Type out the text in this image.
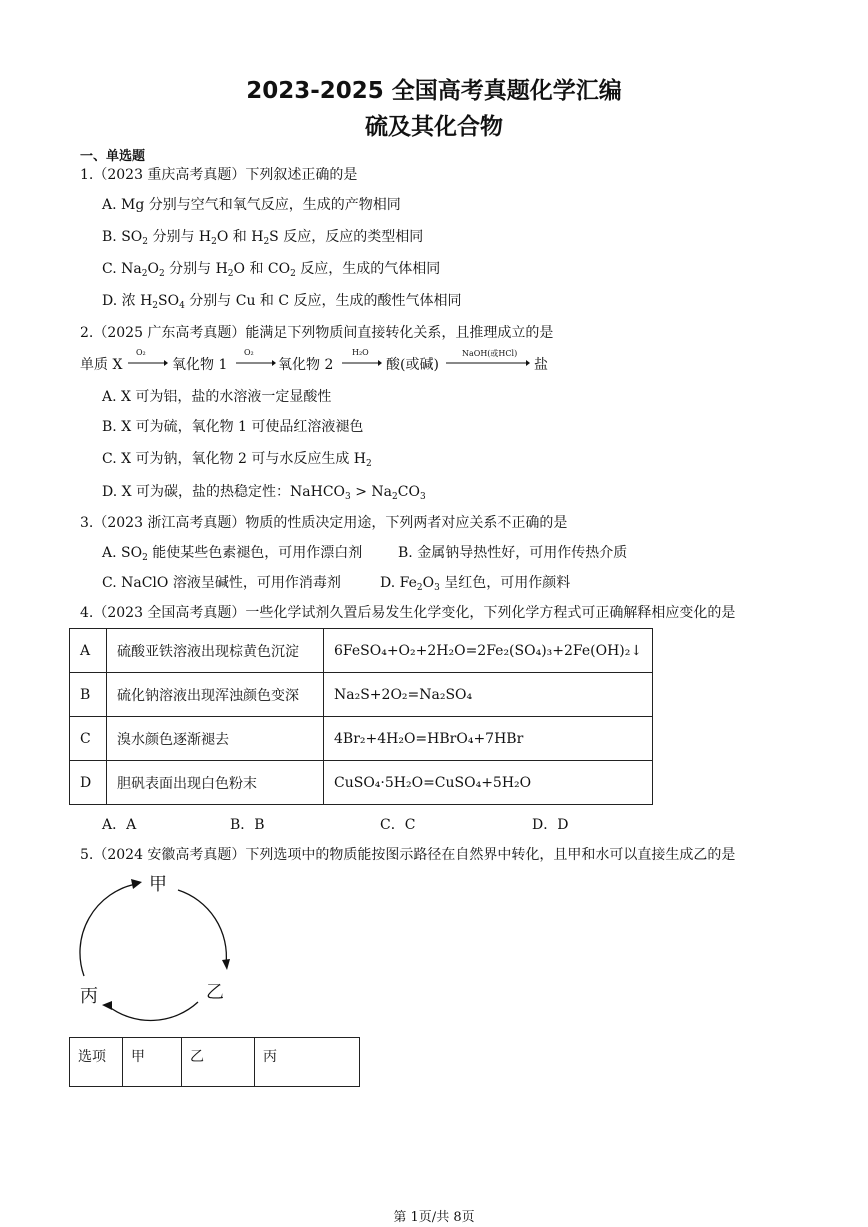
2023-2025 全国高考真题化学汇编
硫及其化合物
一、单选题
1.（2023 重庆高考真题）下列叙述正确的是
A. Mg 分别与空气和氧气反应，生成的产物相同
B. $SO_2$ 分别与 $H_2O$ 和 $H_2S$ 反应，反应的类型相同
C. $Na_2O_2$ 分别与 $H_2O$ 和 $CO_2$ 反应，生成的气体相同
D. 浓 $H_2SO_4$ 分别与 Cu 和 C 反应，生成的酸性气体相同
2.（2025 广东高考真题）能满足下列物质间直接转化关系，且推理成立的是
单质 X
O₂
氧化物 1
O₂
氧化物 2
H₂O
酸(或碱)
NaOH(或HCl)
盐
A. X 可为铝，盐的水溶液一定显酸性
B. X 可为硫，氧化物 1 可使品红溶液褪色
C. X 可为钠，氧化物 2 可与水反应生成 $H_2$
D. X 可为碳，盐的热稳定性：NaHCO$_3$ > $Na_2CO_3$
3.（2023 浙江高考真题）物质的性质决定用途，下列两者对应关系不正确的是
A. $SO_2$ 能使某些色素褪色，可用作漂白剂	B. 金属钠导热性好，可用作传热介质
C. NaClO 溶液呈碱性，可用作消毒剂	D. $Fe_2O_3$ 呈红色，可用作颜料
4.（2023 全国高考真题）一些化学试剂久置后易发生化学变化，下列化学方程式可正确解释相应变化的是
A	硫酸亚铁溶液出现棕黄色沉淀	6FeSO₄+O₂+2H₂O=2Fe₂(SO₄)₃+2Fe(OH)₂↓
B	硫化钠溶液出现浑浊颜色变深	Na₂S+2O₂=Na₂SO₄
C	溴水颜色逐渐褪去	4Br₂+4H₂O=HBrO₄+7HBr
D	胆矾表面出现白色粉末	CuSO₄·5H₂O=CuSO₄+5H₂O
A．A	B．B	C．C	D．D
5.（2024 安徽高考真题）下列选项中的物质能按图示路径在自然界中转化，且甲和水可以直接生成乙的是
甲
乙
丙
选项	甲	乙	丙
第 1页/共 8页
